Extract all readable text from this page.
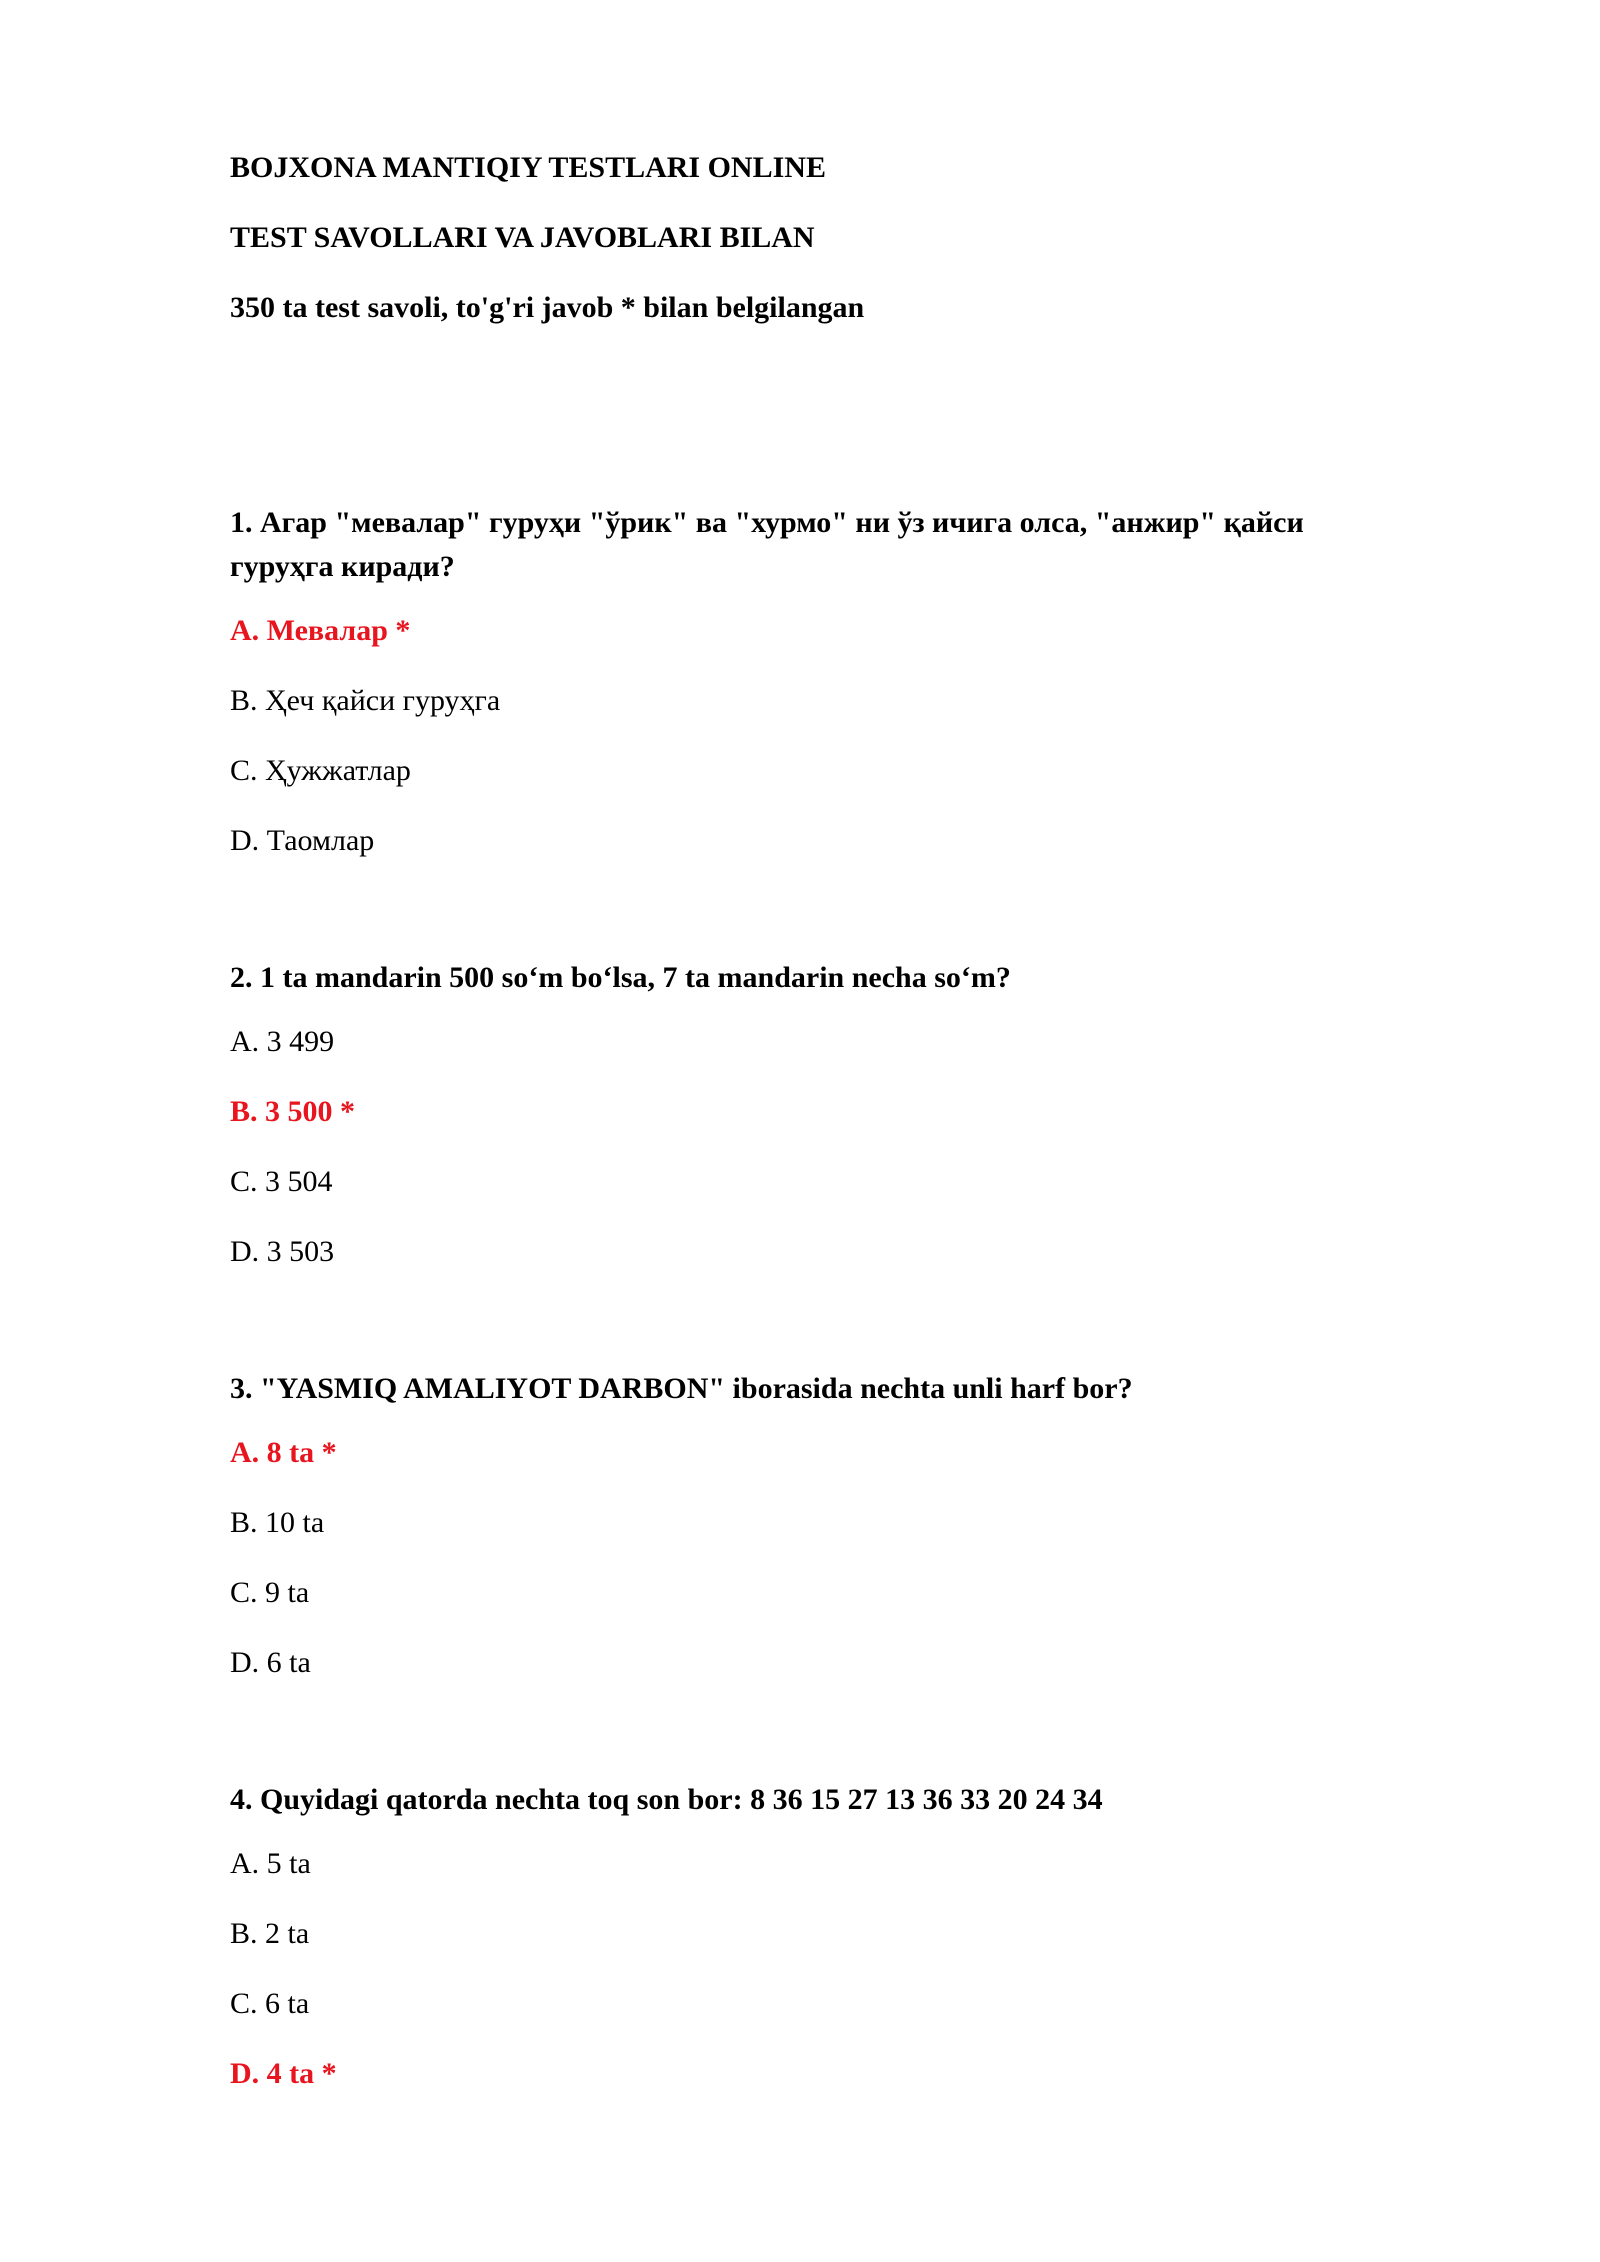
BOJXONA MANTIQIY TESTLARI ONLINE
TEST SAVOLLARI VA JAVOBLARI BILAN
350 ta test savoli, to'g'ri javob * bilan belgilangan
1. Агар "мевалар" гуруҳи "ўрик" ва "хурмо" ни ўз ичига олса, "анжир" қайси гуруҳга киради?
A. Мевалар *
B. Ҳеч қайси гуруҳга
C. Ҳужжатлар
D. Таомлар
2. 1 ta mandarin 500 so‘m bo‘lsa, 7 ta mandarin necha so‘m?
A. 3 499
B. 3 500 *
C. 3 504
D. 3 503
3. "YASMIQ AMALIYOT DARBON" iborasida nechta unli harf bor?
A. 8 ta *
B. 10 ta
C. 9 ta
D. 6 ta
4. Quyidagi qatorda nechta toq son bor: 8 36 15 27 13 36 33 20 24 34
A. 5 ta
B. 2 ta
C. 6 ta
D. 4 ta *
